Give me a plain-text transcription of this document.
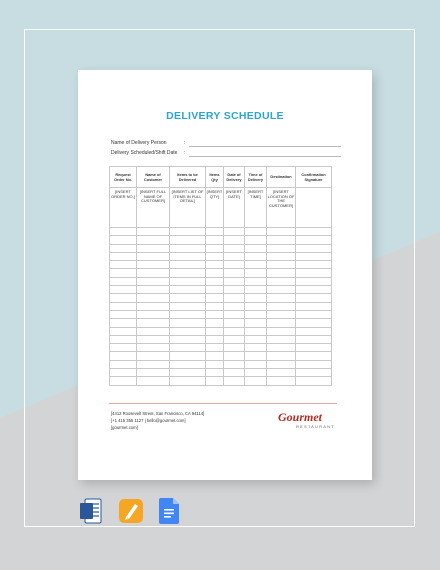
DELIVERY SCHEDULE
Name of Delivery Person	:
Delivery Scheduled/Shift Date :
Request Order No.	Name of Customer	Items to be Delivered	Items Qty	Date of Delivery	Time of Delivery	Destination	Confirmation Signature
[INSERT ORDER NO.]	[INSERT FULL NAME OF CUSTOMER]	[INSERT LIST OF ITEMS IN FULL DETAIL]	[INSERT QTY]	[INSERT DATE]	[INSERT TIME]	[INSERT LOCATION OF THE CUSTOMER]	

[4412 Roosevelt Street, San Francisco, CA 94114]
[+1 415 355 1127 | hello@gourmet.com]
[gourmet.com]
Gourmet
RESTAURANT
